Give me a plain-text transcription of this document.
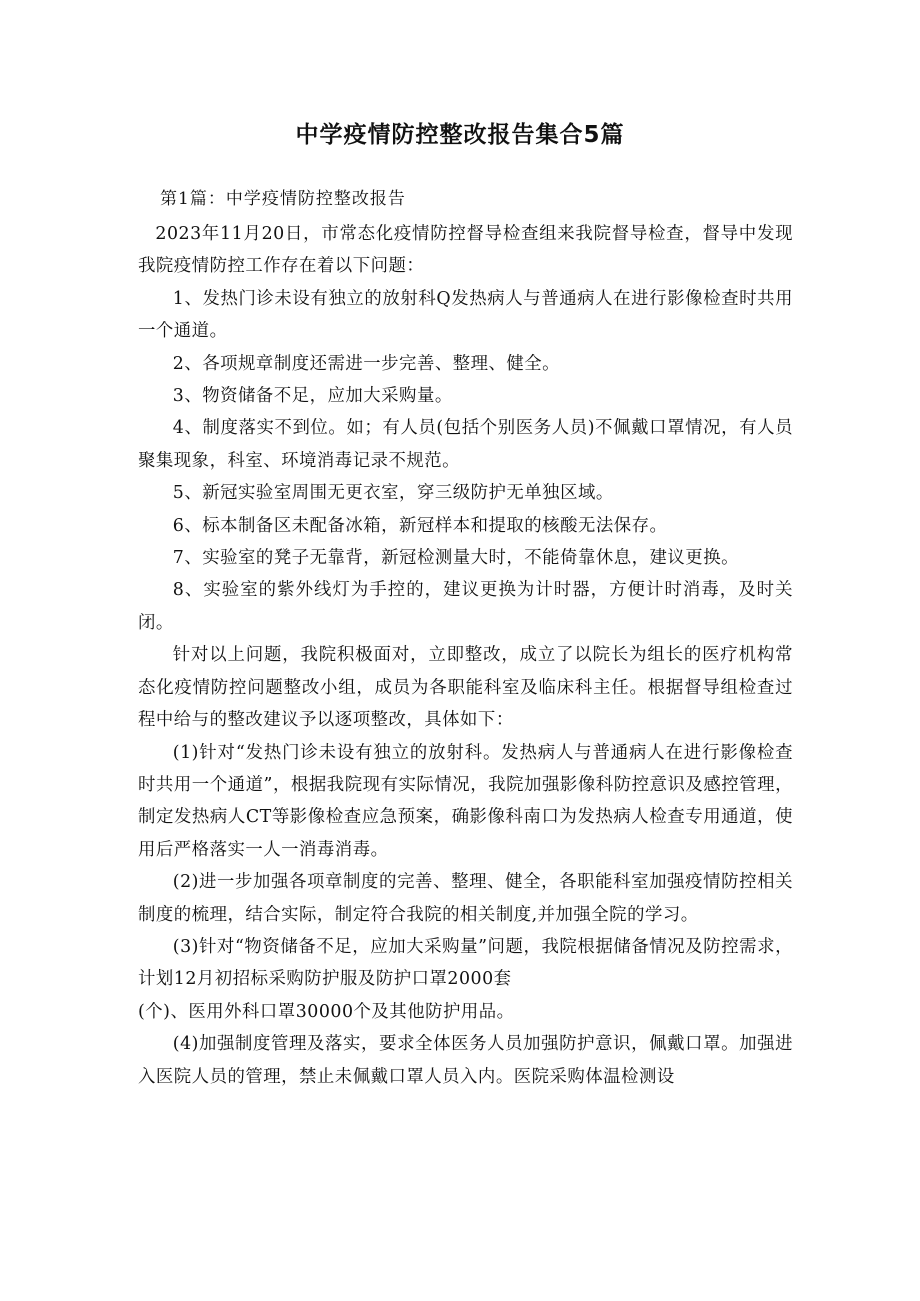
中学疫情防控整改报告集合5篇
第1篇：中学疫情防控整改报告

2023年11月20日，市常态化疫情防控督导检查组来我院督导检查，督导中发现我院疫情防控工作存在着以下问题：

1、发热门诊未设有独立的放射科Q发热病人与普通病人在进行影像检查时共用一个通道。

2、各项规章制度还需进一步完善、整理、健全。

3、物资储备不足，应加大采购量。

4、制度落实不到位。如；有人员(包括个别医务人员)不佩戴口罩情况，有人员聚集现象，科室、环境消毒记录不规范。

5、新冠实验室周围无更衣室，穿三级防护无单独区域。

6、标本制备区未配备冰箱，新冠样本和提取的核酸无法保存。

7、实验室的凳子无靠背，新冠检测量大时，不能倚靠休息，建议更换。

8、实验室的紫外线灯为手控的，建议更换为计时器，方便计时消毒，及时关闭。

针对以上问题，我院积极面对，立即整改，成立了以院长为组长的医疗机构常态化疫情防控问题整改小组，成员为各职能科室及临床科主任。根据督导组检查过程中给与的整改建议予以逐项整改，具体如下：

(1)针对“发热门诊未设有独立的放射科。发热病人与普通病人在进行影像检查时共用一个通道”，根据我院现有实际情况，我院加强影像科防控意识及感控管理，制定发热病人CT等影像检查应急预案，确影像科南口为发热病人检查专用通道，使用后严格落实一人一消毒消毒。

(2)进一步加强各项章制度的完善、整理、健全，各职能科室加强疫情防控相关制度的梳理，结合实际，制定符合我院的相关制度,并加强全院的学习。

(3)针对“物资储备不足，应加大采购量”问题，我院根据储备情况及防控需求，计划12月初招标采购防护服及防护口罩2000套

(个)、医用外科口罩30000个及其他防护用品。

(4)加强制度管理及落实，要求全体医务人员加强防护意识，佩戴口罩。加强进入医院人员的管理，禁止未佩戴口罩人员入内。医院采购体温检测设
